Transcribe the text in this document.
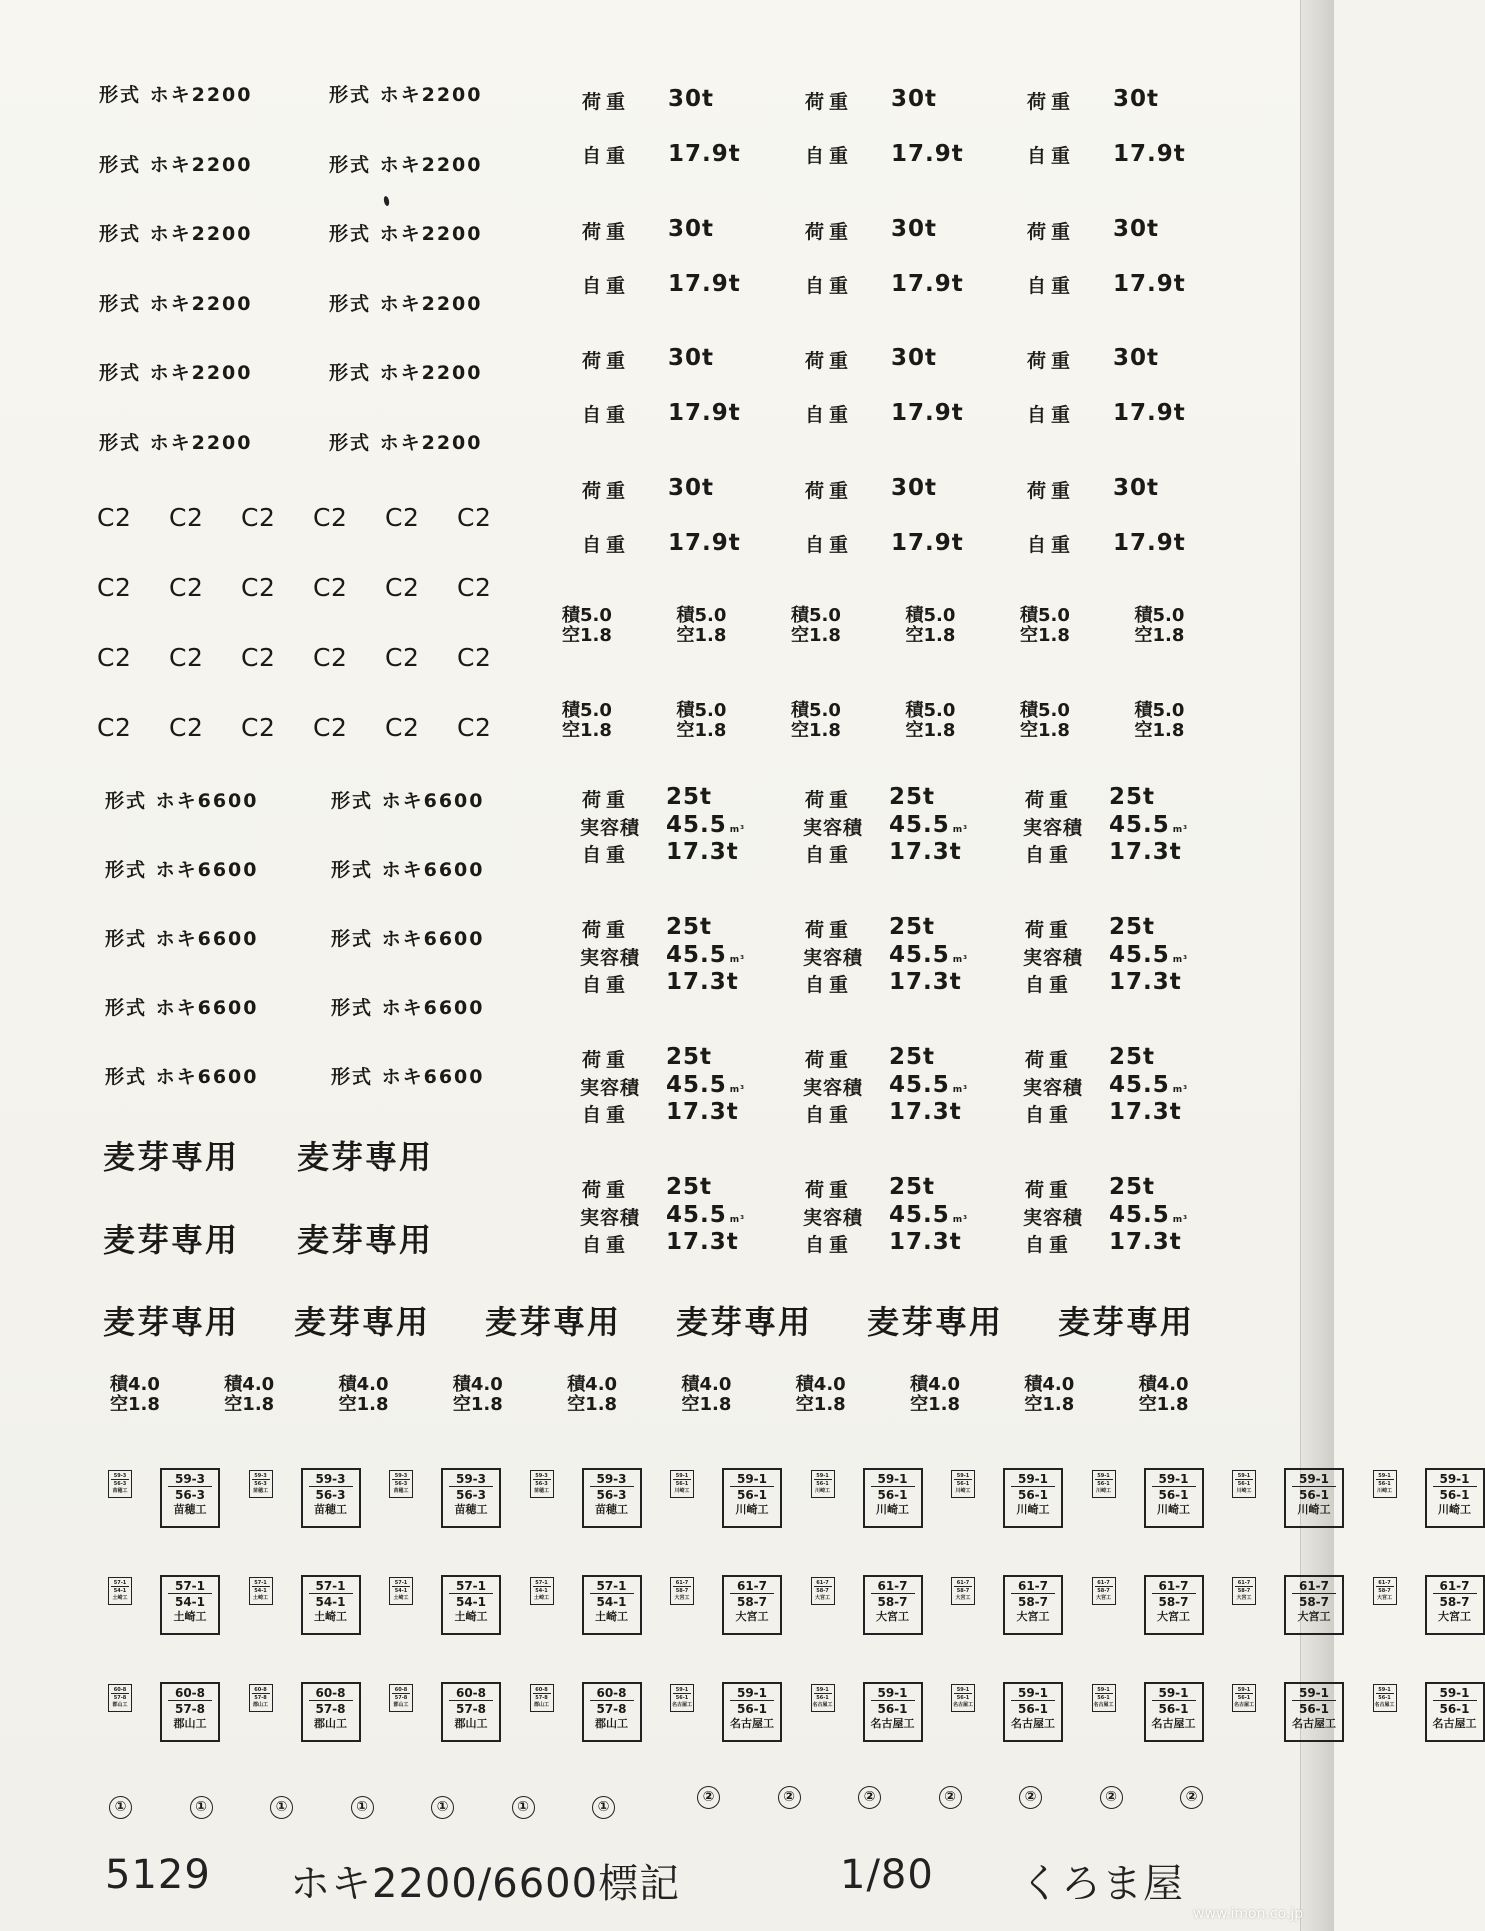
形式 ホキ2200	形式 ホキ2200
形式 ホキ2200	形式 ホキ2200
形式 ホキ2200	形式 ホキ2200
形式 ホキ2200	形式 ホキ2200
形式 ホキ2200	形式 ホキ2200
形式 ホキ2200	形式 ホキ2200
C2 C2 C2 C2 C2 C2
C2 C2 C2 C2 C2 C2
C2 C2 C2 C2 C2 C2
C2 C2 C2 C2 C2 C2
形式 ホキ6600	形式 ホキ6600
形式 ホキ6600	形式 ホキ6600
形式 ホキ6600	形式 ホキ6600
形式 ホキ6600	形式 ホキ6600
形式 ホキ6600	形式 ホキ6600
荷重 30t
自重 17.9t
荷重 30t
自重 17.9t
荷重 30t
自重 17.9t
荷重 30t
自重 17.9t
荷重 30t
自重 17.9t
荷重 30t
自重 17.9t
荷重 30t
自重 17.9t
荷重 30t
自重 17.9t
荷重 30t
自重 17.9t
荷重 30t
自重 17.9t
荷重 30t
自重 17.9t
荷重 30t
自重 17.9t
積5.0
空1.8
積5.0
空1.8
積5.0
空1.8
積5.0
空1.8
積5.0
空1.8
積5.0
空1.8
積5.0
空1.8
積5.0
空1.8
積5.0
空1.8
積5.0
空1.8
積5.0
空1.8
積5.0
空1.8
荷重 25t
実容積 45.5 m³
自重 17.3t
荷重 25t
実容積 45.5 m³
自重 17.3t
荷重 25t
実容積 45.5 m³
自重 17.3t
荷重 25t
実容積 45.5 m³
自重 17.3t
荷重 25t
実容積 45.5 m³
自重 17.3t
荷重 25t
実容積 45.5 m³
自重 17.3t
荷重 25t
実容積 45.5 m³
自重 17.3t
荷重 25t
実容積 45.5 m³
自重 17.3t
荷重 25t
実容積 45.5 m³
自重 17.3t
荷重 25t
実容積 45.5 m³
自重 17.3t
荷重 25t
実容積 45.5 m³
自重 17.3t
荷重 25t
実容積 45.5 m³
自重 17.3t
麦芽専用 麦芽専用
麦芽専用 麦芽専用
麦芽専用 麦芽専用 麦芽専用 麦芽専用 麦芽専用 麦芽専用
積4.0
空1.8
積4.0
空1.8
積4.0
空1.8
積4.0
空1.8
積4.0
空1.8
積4.0
空1.8
積4.0
空1.8
積4.0
空1.8
積4.0
空1.8
積4.0
空1.8
59-3
56-3
苗穂工
59-3
56-3
苗穂工
59-3
56-3
苗穂工
59-3
56-3
苗穂工
59-3
56-3
苗穂工
59-3
56-3
苗穂工
59-3
56-3
苗穂工
59-3
56-3
苗穂工
59-1
56-1
川崎工
59-1
56-1
川崎工
59-1
56-1
川崎工
59-1
56-1
川崎工
59-1
56-1
川崎工
59-1
56-1
川崎工
59-1
56-1
川崎工
59-1
56-1
川崎工
59-1
56-1
川崎工
59-1
56-1
川崎工
59-1
56-1
川崎工
59-1
56-1
川崎工
57-1
54-1
土崎工
57-1
54-1
土崎工
57-1
54-1
土崎工
57-1
54-1
土崎工
57-1
54-1
土崎工
57-1
54-1
土崎工
57-1
54-1
土崎工
57-1
54-1
土崎工
61-7
58-7
大宮工
61-7
58-7
大宮工
61-7
58-7
大宮工
61-7
58-7
大宮工
61-7
58-7
大宮工
61-7
58-7
大宮工
61-7
58-7
大宮工
61-7
58-7
大宮工
61-7
58-7
大宮工
61-7
58-7
大宮工
61-7
58-7
大宮工
61-7
58-7
大宮工
60-8
57-8
郡山工
60-8
57-8
郡山工
60-8
57-8
郡山工
60-8
57-8
郡山工
60-8
57-8
郡山工
60-8
57-8
郡山工
60-8
57-8
郡山工
60-8
57-8
郡山工
59-1
56-1
名古屋工
59-1
56-1
名古屋工
59-1
56-1
名古屋工
59-1
56-1
名古屋工
59-1
56-1
名古屋工
59-1
56-1
名古屋工
59-1
56-1
名古屋工
59-1
56-1
名古屋工
59-1
56-1
名古屋工
59-1
56-1
名古屋工
59-1
56-1
名古屋工
59-1
56-1
名古屋工
①	①	①	①	①	①	①
②	②	②	②	②	②	②
5129 ホキ2200/6600標記	1/80 くろま屋
www.imon.co.jp
